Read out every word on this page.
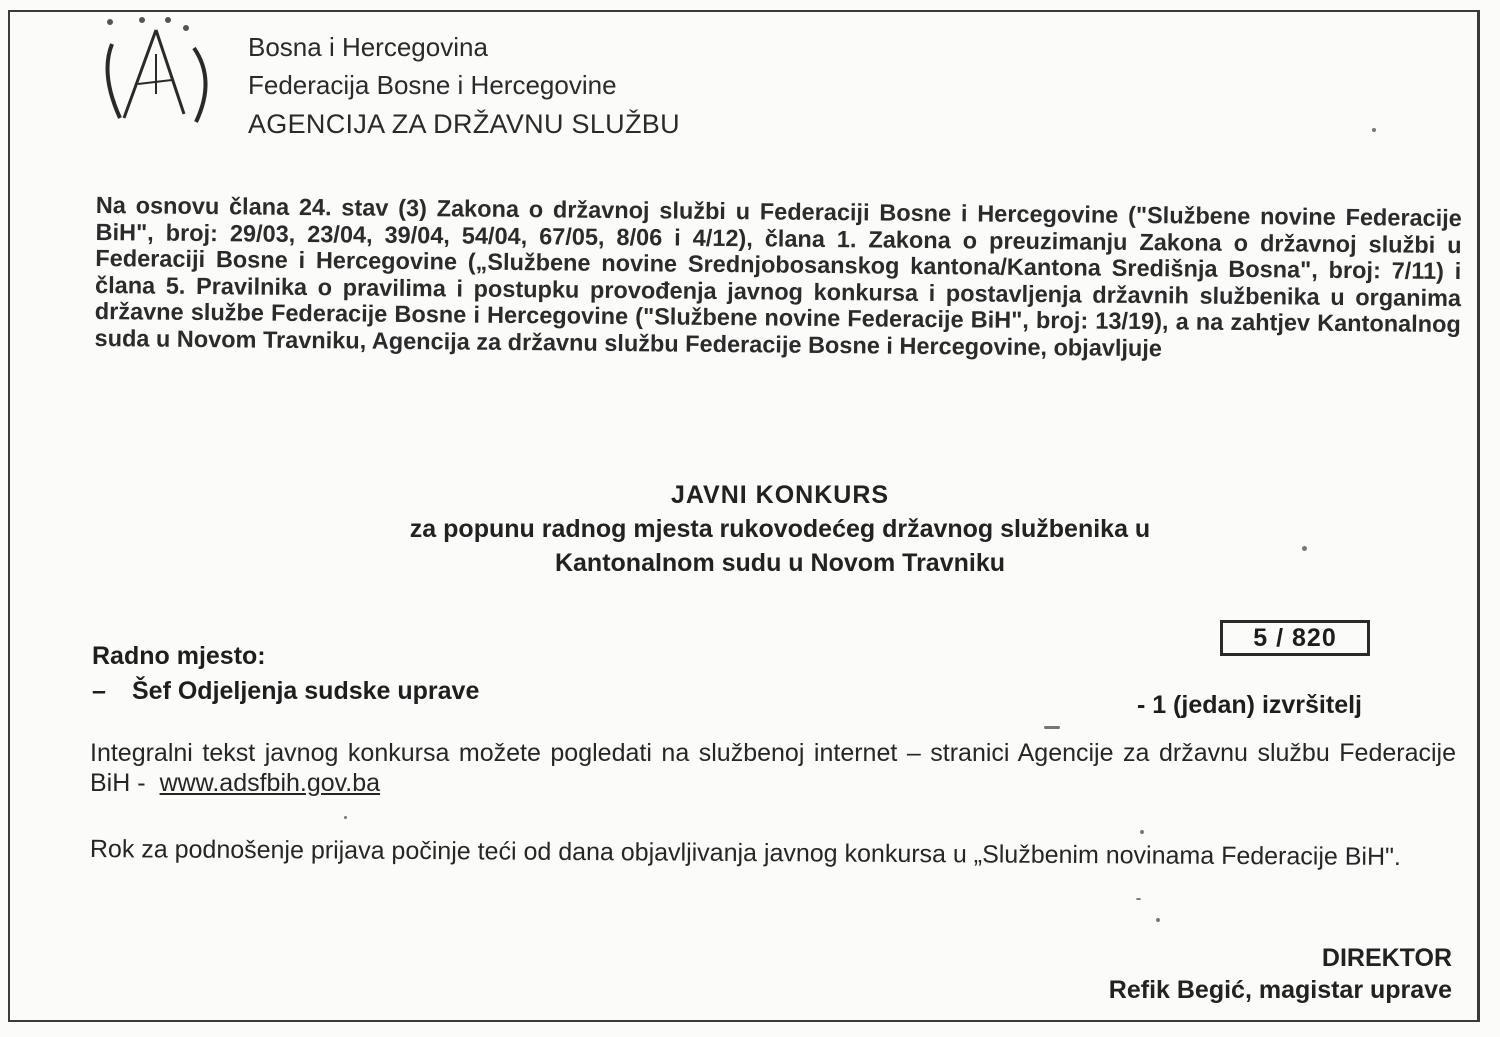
Bosna i Hercegovina
Federacija Bosne i Hercegovine
AGENCIJA ZA DRŽAVNU SLUŽBU
Na osnovu člana 24. stav (3) Zakona o državnoj službi u Federaciji Bosne i Hercegovine ("Službene novine Federacije BiH", broj: 29/03, 23/04, 39/04, 54/04, 67/05, 8/06 i 4/12), člana 1. Zakona o preuzimanju Zakona o državnoj službi u Federaciji Bosne i Hercegovine („Službene novine Srednjobosanskog kantona/Kantona Središnja Bosna", broj: 7/11) i člana 5. Pravilnika o pravilima i postupku provođenja javnog konkursa i postavljenja državnih službenika u organima državne službe Federacije Bosne i Hercegovine ("Službene novine Federacije BiH", broj: 13/19), a na zahtjev Kantonalnog suda u Novom Travniku, Agencija za državnu službu Federacije Bosne i Hercegovine, objavljuje
JAVNI KONKURS
za popunu radnog mjesta rukovodećeg državnog službenika u
Kantonalnom sudu u Novom Travniku
5 / 820
Radno mjesto:
– Šef Odjeljenja sudske uprave	- 1 (jedan) izvršitelj
Integralni tekst javnog konkursa možete pogledati na službenoj internet – stranici Agencije za državnu službu Federacije BiH - www.adsfbih.gov.ba
Rok za podnošenje prijava počinje teći od dana objavljivanja javnog konkursa u „Službenim novinama Federacije BiH".
DIREKTOR
Refik Begić, magistar uprave
